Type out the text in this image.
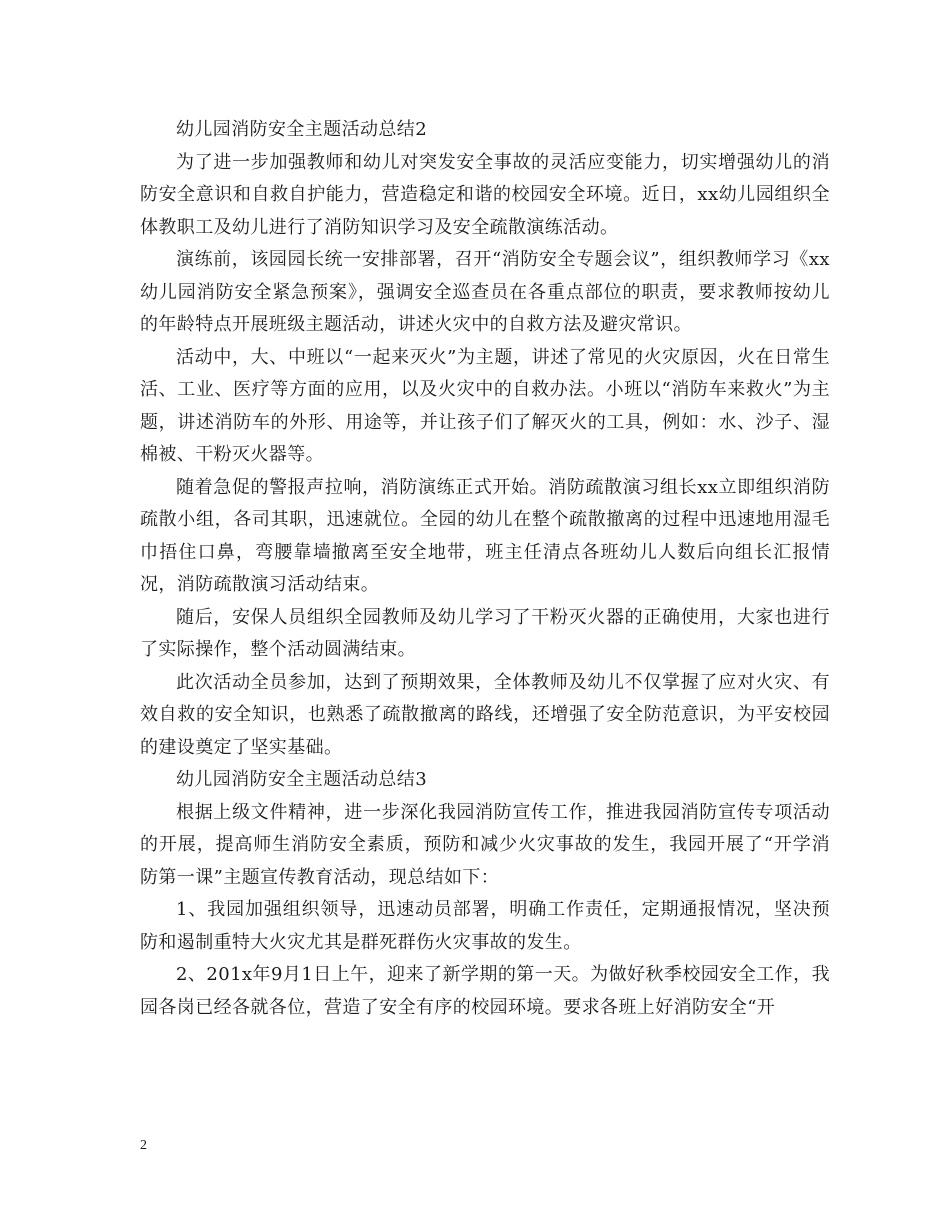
幼儿园消防安全主题活动总结2

为了进一步加强教师和幼儿对突发安全事故的灵活应变能力，切实增强幼儿的消防安全意识和自救自护能力，营造稳定和谐的校园安全环境。近日，xx幼儿园组织全体教职工及幼儿进行了消防知识学习及安全疏散演练活动。

演练前，该园园长统一安排部署，召开“消防安全专题会议”，组织教师学习《xx幼儿园消防安全紧急预案》，强调安全巡查员在各重点部位的职责，要求教师按幼儿的年龄特点开展班级主题活动，讲述火灾中的自救方法及避灾常识。

活动中，大、中班以“一起来灭火”为主题，讲述了常见的火灾原因，火在日常生活、工业、医疗等方面的应用，以及火灾中的自救办法。小班以“消防车来救火”为主题，讲述消防车的外形、用途等，并让孩子们了解灭火的工具，例如：水、沙子、湿棉被、干粉灭火器等。

随着急促的警报声拉响，消防演练正式开始。消防疏散演习组长xx立即组织消防疏散小组，各司其职，迅速就位。全园的幼儿在整个疏散撤离的过程中迅速地用湿毛巾捂住口鼻，弯腰靠墙撤离至安全地带，班主任清点各班幼儿人数后向组长汇报情况，消防疏散演习活动结束。

随后，安保人员组织全园教师及幼儿学习了干粉灭火器的正确使用，大家也进行了实际操作，整个活动圆满结束。

此次活动全员参加，达到了预期效果，全体教师及幼儿不仅掌握了应对火灾、有效自救的安全知识，也熟悉了疏散撤离的路线，还增强了安全防范意识，为平安校园的建设奠定了坚实基础。

幼儿园消防安全主题活动总结3

根据上级文件精神，进一步深化我园消防宣传工作，推进我园消防宣传专项活动的开展，提高师生消防安全素质，预防和减少火灾事故的发生，我园开展了“开学消防第一课”主题宣传教育活动，现总结如下：

1、我园加强组织领导，迅速动员部署，明确工作责任，定期通报情况，坚决预防和遏制重特大火灾尤其是群死群伤火灾事故的发生。

2、201x年9月1日上午，迎来了新学期的第一天。为做好秋季校园安全工作，我园各岗已经各就各位，营造了安全有序的校园环境。要求各班上好消防安全“开

2
